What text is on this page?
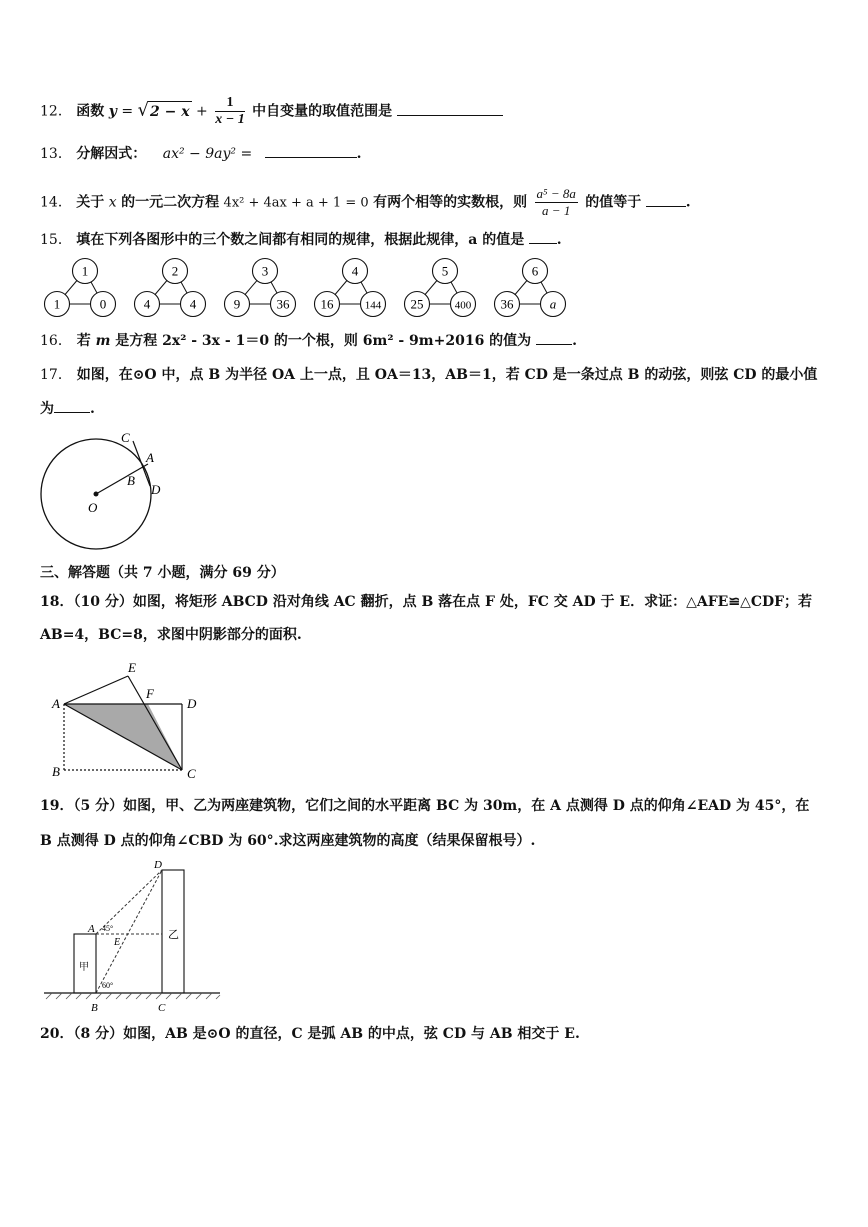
12． 函数 $y = √2 - x + \frac{1}{x - 1}$ 中自变量的取值范围是
13． 分解因式： ax² − 9ay² =	.
14． 关于 x 的一元二次方程 4x² + 4ax + a + 1 = 0 有两个相等的实数根，则 $\frac{\text{a⁵ − 8a}}{a - 1}$ 的值等于	.
15． 填在下列各图形中的三个数之间都有相同的规律，根据此规律，a 的值是 .
1
1	0
2
4	4
3
9	36
4
16	144
5
25	400
6
36	a
16． 若 m 是方程 2x² - 3x - 1＝0 的一个根，则 6m² - 9m+2016 的值为	.
17． 如图，在⊙O 中，点 B 为半径 OA 上一点，且 OA＝13，AB＝1，若 CD 是一条过点 B 的动弦，则弦 CD 的最小值
为	.
C
A
B
D
O
三、解答题（共 7 小题，满分 69 分）
18．（10 分）如图，将矩形 ABCD 沿对角线 AC 翻折，点 B 落在点 F 处，FC 交 AD 于 E．求证：△AFE≌△CDF；若
AB=4，BC=8，求图中阴影部分的面积.
E
F
A	D
B	C
19．（5 分）如图，甲、乙为两座建筑物，它们之间的水平距离 BC 为 30m，在 A 点测得 D 点的仰角∠EAD 为 45°，在
B 点测得 D 点的仰角∠CBD 为 60°.求这两座建筑物的高度（结果保留根号）.
D
A 45°
E
甲
乙
60°
B	C
20．（8 分）如图，AB 是⊙O 的直径，C 是弧 AB 的中点，弦 CD 与 AB 相交于 E.
